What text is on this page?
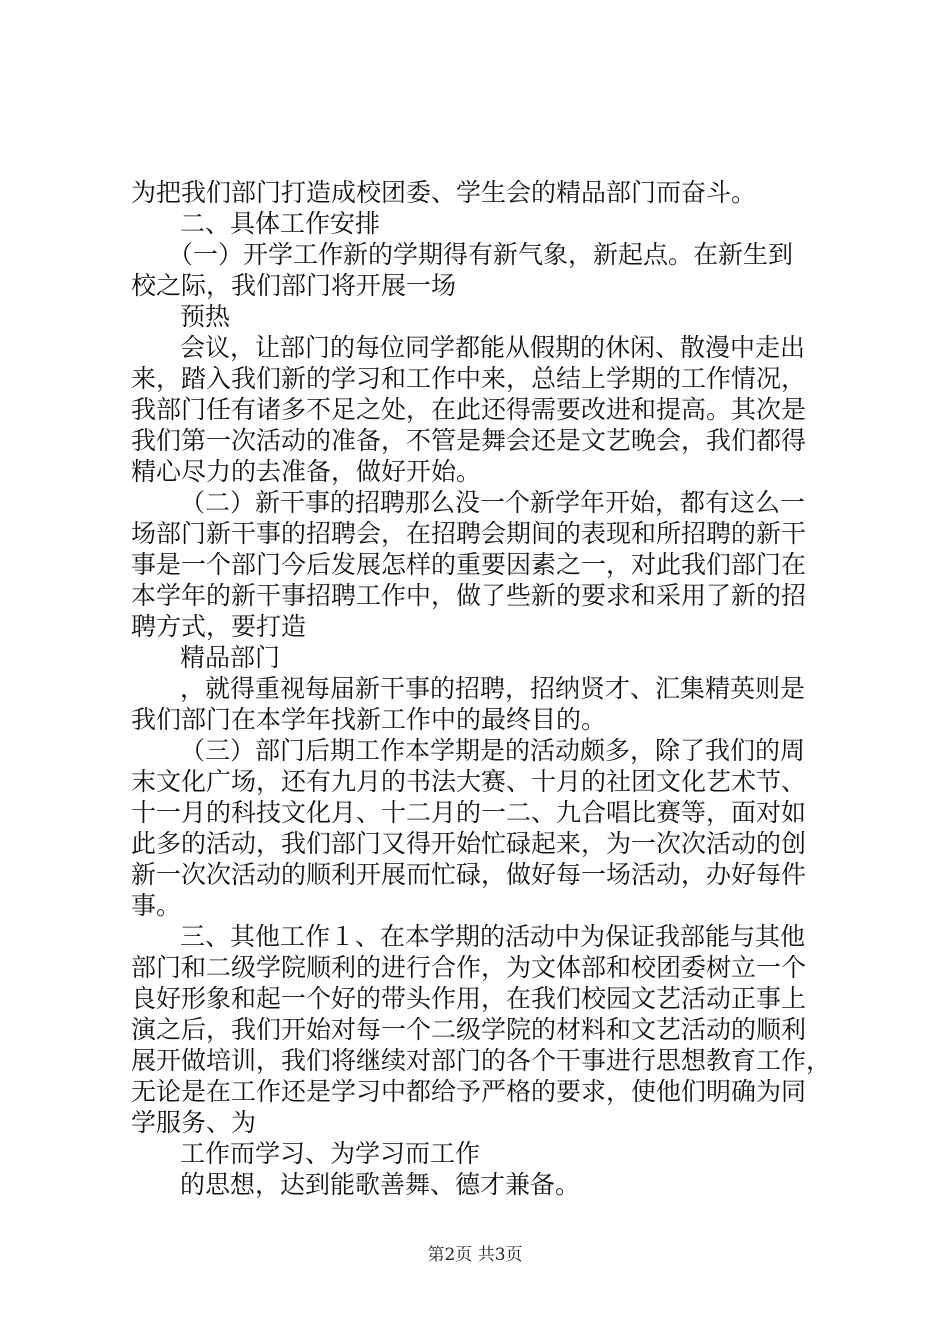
为把我们部门打造成校团委、学生会的精品部门而奋斗。
二、具体工作安排
（一）开学工作新的学期得有新气象，新起点。在新生到
校之际，我们部门将开展一场
预热
会议，让部门的每位同学都能从假期的休闲、散漫中走出
来，踏入我们新的学习和工作中来，总结上学期的工作情况，
我部门任有诸多不足之处，在此还得需要改进和提高。其次是
我们第一次活动的准备，不管是舞会还是文艺晚会，我们都得
精心尽力的去准备，做好开始。
（二）新干事的招聘那么没一个新学年开始，都有这么一
场部门新干事的招聘会，在招聘会期间的表现和所招聘的新干
事是一个部门今后发展怎样的重要因素之一，对此我们部门在
本学年的新干事招聘工作中，做了些新的要求和采用了新的招
聘方式，要打造
精品部门
，就得重视每届新干事的招聘，招纳贤才、汇集精英则是
我们部门在本学年找新工作中的最终目的。
（三）部门后期工作本学期是的活动颇多，除了我们的周
末文化广场，还有九月的书法大赛、十月的社团文化艺术节、
十一月的科技文化月、十二月的一二、九合唱比赛等，面对如
此多的活动，我们部门又得开始忙碌起来，为一次次活动的创
新一次次活动的顺利开展而忙碌，做好每一场活动，办好每件
事。
三、其他工作１、在本学期的活动中为保证我部能与其他
部门和二级学院顺利的进行合作，为文体部和校团委树立一个
良好形象和起一个好的带头作用，在我们校园文艺活动正事上
演之后，我们开始对每一个二级学院的材料和文艺活动的顺利
展开做培训，我们将继续对部门的各个干事进行思想教育工作，
无论是在工作还是学习中都给予严格的要求，使他们明确为同
学服务、为
工作而学习、为学习而工作
的思想，达到能歌善舞、德才兼备。
第2页 共3页
